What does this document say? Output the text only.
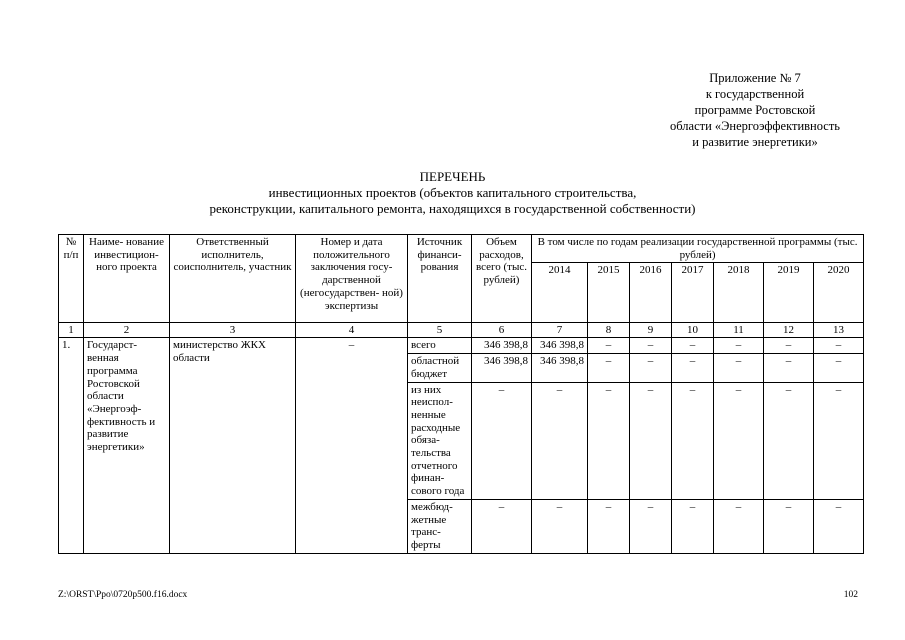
Приложение № 7
к государственной
программе Ростовской
области «Энергоэффективность
и развитие энергетики»
ПЕРЕЧЕНЬ
инвестиционных проектов (объектов капитального строительства,
реконструкции, капитального ремонта, находящихся в государственной собственности)
№ п/п	Наиме- нование инвестицион- ного проекта	Ответственный исполнитель, соисполнитель, участник	Номер и дата положительного заключения госу- дарственной (негосударствен- ной) экспертизы	Источник финанси- рования	Объем расходов, всего (тыс. рублей)	В том числе по годам реализации государственной программы (тыс. рублей)						
						2014	2015	2016	2017	2018	2019	2020
1	2	3	4	5	6	7	8	9	10	11	12	13
1.	Государст- венная программа Ростовской области «Энергоэф- фективность и развитие энергетики»	министерство ЖКХ области	–	всего	346 398,8	346 398,8	–	–	–	–	–	–
				областной бюджет	346 398,8	346 398,8	–	–	–	–	–	–
				из них неиспол- ненные расходные обяза- тельства отчетного финан- сового года	–	–	–	–	–	–	–	–
				межбюд- жетные транс- ферты	–	–	–	–	–	–	–	–
Z:\ORST\Ppo\0720p500.f16.docx	102
